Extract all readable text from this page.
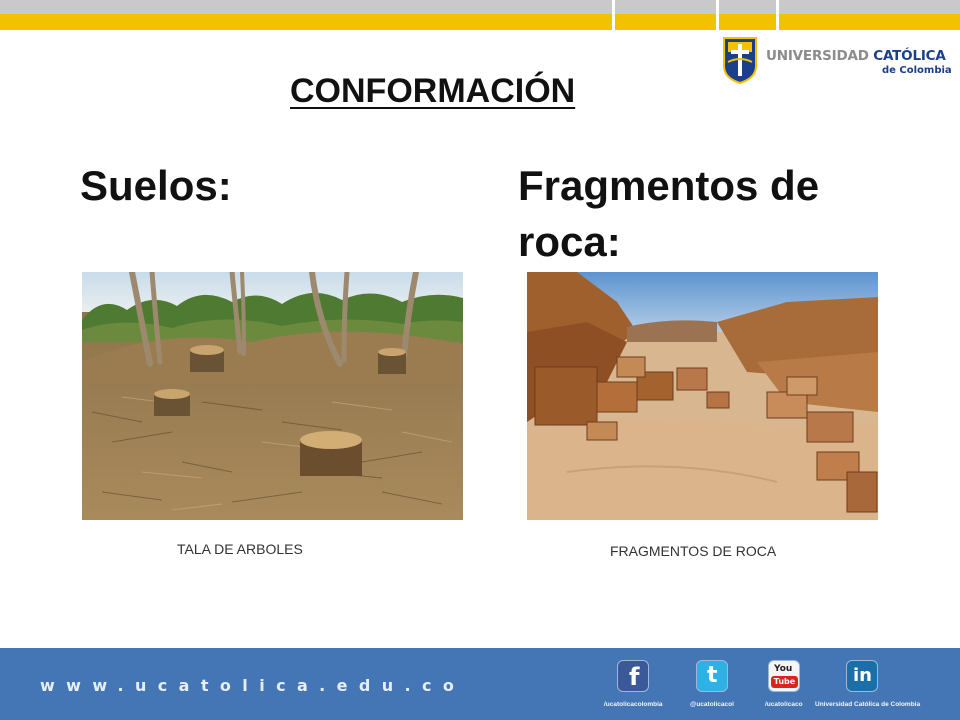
UNIVERSIDAD CATÓLICA
de Colombia
CONFORMACIÓN
Suelos:	Fragmentos de roca:
TALA DE ARBOLES	FRAGMENTOS DE ROCA
www.ucatolica.edu.co	f
/ucatolicacolombia
t
@ucatolicacol
You
Tube
/ucatolicaco
in
Universidad Católica de Colombia
